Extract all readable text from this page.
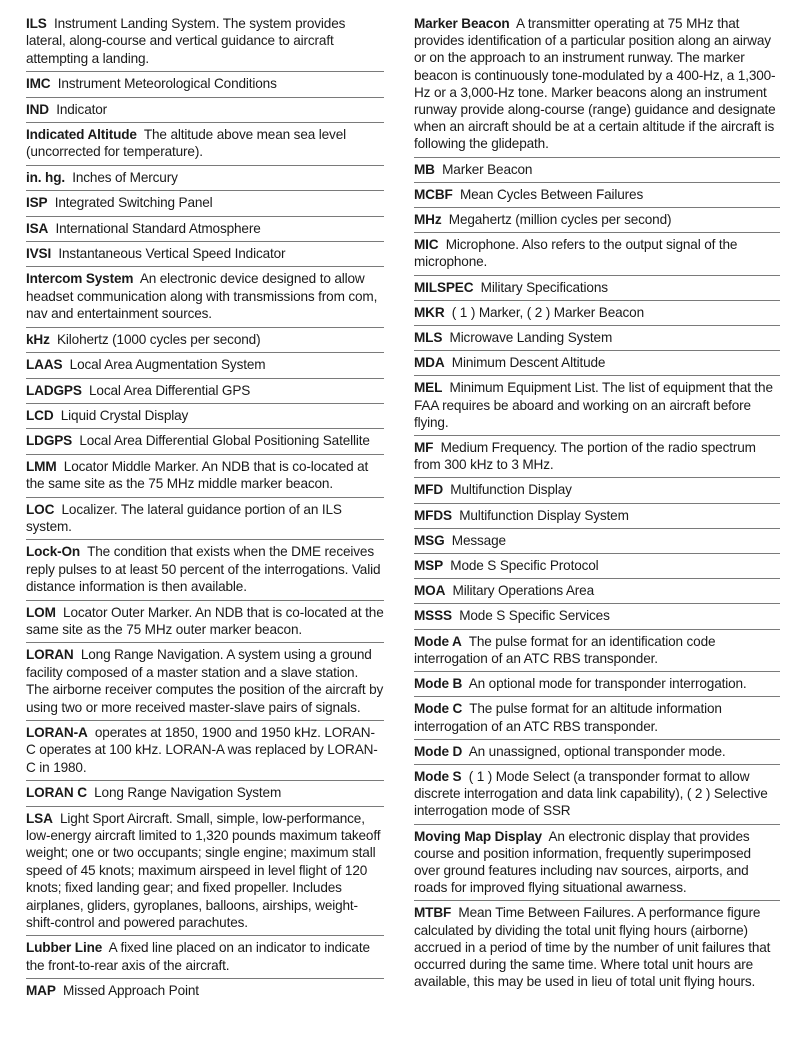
ILS Instrument Landing System. The system provides lateral, along-course and vertical guidance to aircraft attempting a landing.
IMC Instrument Meteorological Conditions
IND Indicator
Indicated Altitude The altitude above mean sea level (uncorrected for temperature).
in. hg. Inches of Mercury
ISP Integrated Switching Panel
ISA International Standard Atmosphere
IVSI Instantaneous Vertical Speed Indicator
Intercom System An electronic device designed to allow headset communication along with transmissions from com, nav and entertainment sources.
kHz Kilohertz (1000 cycles per second)
LAAS Local Area Augmentation System
LADGPS Local Area Differential GPS
LCD Liquid Crystal Display
LDGPS Local Area Differential Global Positioning Satellite
LMM Locator Middle Marker. An NDB that is co-located at the same site as the 75 MHz middle marker beacon.
LOC Localizer. The lateral guidance portion of an ILS system.
Lock-On The condition that exists when the DME receives reply pulses to at least 50 percent of the interrogations. Valid distance information is then available.
LOM Locator Outer Marker. An NDB that is co-located at the same site as the 75 MHz outer marker beacon.
LORAN Long Range Navigation. A system using a ground facility composed of a master station and a slave station. The airborne receiver computes the position of the aircraft by using two or more received master-slave pairs of signals.
LORAN-A operates at 1850, 1900 and 1950 kHz. LORAN-C operates at 100 kHz. LORAN-A was replaced by LORAN-C in 1980.
LORAN C Long Range Navigation System
LSA Light Sport Aircraft. Small, simple, low-performance, low-energy aircraft limited to 1,320 pounds maximum takeoff weight; one or two occupants; single engine; maximum stall speed of 45 knots; maximum airspeed in level flight of 120 knots; fixed landing gear; and fixed propeller. Includes airplanes, gliders, gyroplanes, balloons, airships, weight-shift-control and powered parachutes.
Lubber Line A fixed line placed on an indicator to indicate the front-to-rear axis of the aircraft.
MAP Missed Approach Point
Marker Beacon A transmitter operating at 75 MHz that provides identification of a particular position along an airway or on the approach to an instrument runway. The marker beacon is continuously tone-modulated by a 400-Hz, a 1,300-Hz or a 3,000-Hz tone. Marker beacons along an instrument runway provide along-course (range) guidance and designate when an aircraft should be at a certain altitude if the aircraft is following the glidepath.
MB Marker Beacon
MCBF Mean Cycles Between Failures
MHz Megahertz (million cycles per second)
MIC Microphone. Also refers to the output signal of the microphone.
MILSPEC Military Specifications
MKR ( 1 ) Marker, ( 2 ) Marker Beacon
MLS Microwave Landing System
MDA Minimum Descent Altitude
MEL Minimum Equipment List. The list of equipment that the FAA requires be aboard and working on an aircraft before flying.
MF Medium Frequency. The portion of the radio spectrum from 300 kHz to 3 MHz.
MFD Multifunction Display
MFDS Multifunction Display System
MSG Message
MSP Mode S Specific Protocol
MOA Military Operations Area
MSSS Mode S Specific Services
Mode A The pulse format for an identification code interrogation of an ATC RBS transponder.
Mode B An optional mode for transponder interrogation.
Mode C The pulse format for an altitude information interrogation of an ATC RBS transponder.
Mode D An unassigned, optional transponder mode.
Mode S ( 1 ) Mode Select (a transponder format to allow discrete interrogation and data link capability), ( 2 ) Selective interrogation mode of SSR
Moving Map Display An electronic display that provides course and position information, frequently superimposed over ground features including nav sources, airports, and roads for improved flying situational awarness.
MTBF Mean Time Between Failures. A performance figure calculated by dividing the total unit flying hours (airborne) accrued in a period of time by the number of unit failures that occurred during the same time. Where total unit hours are available, this may be used in lieu of total unit flying hours.
